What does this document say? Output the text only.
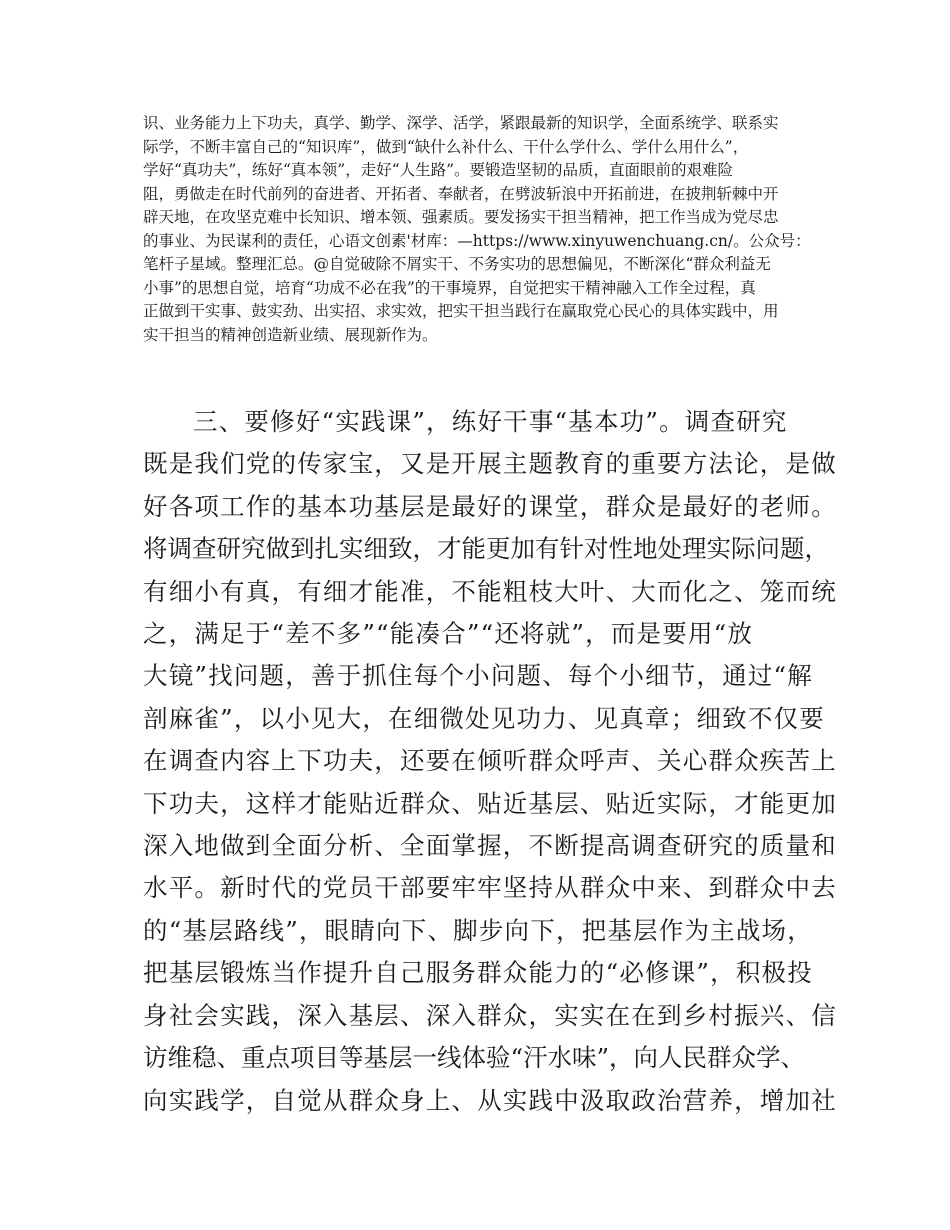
识、业务能力上下功夫，真学、勤学、深学、活学，紧跟最新的知识学，全面系统学、联系实
际学，不断丰富自己的“知识库”，做到“缺什么补什么、干什么学什么、学什么用什么”，
学好“真功夫”，练好“真本领”，走好“人生路”。要锻造坚韧的品质，直面眼前的艰难险
阻，勇做走在时代前列的奋进者、开拓者、奉献者，在劈波斩浪中开拓前进，在披荆斩棘中开
辟天地，在攻坚克难中长知识、增本领、强素质。要发扬实干担当精神，把工作当成为党尽忠
的事业、为民谋利的责任，心语文创素'材库：—https://www.xinyuwenchuang.cn/。公众号：
笔杆子星域。整理汇总。@自觉破除不屑实干、不务实功的思想偏见，不断深化“群众利益无
小事”的思想自觉，培育“功成不必在我”的干事境界，自觉把实干精神融入工作全过程，真
正做到干实事、鼓实劲、出实招、求实效，把实干担当践行在赢取党心民心的具体实践中，用
实干担当的精神创造新业绩、展现新作为。
三、要修好“实践课”，练好干事“基本功”。调查研究
既是我们党的传家宝，又是开展主题教育的重要方法论，是做
好各项工作的基本功基层是最好的课堂，群众是最好的老师。
将调查研究做到扎实细致，才能更加有针对性地处理实际问题，
有细小有真，有细才能准，不能粗枝大叶、大而化之、笼而统
之，满足于“差不多”“能凑合”“还将就”，而是要用“放
大镜”找问题，善于抓住每个小问题、每个小细节，通过“解
剖麻雀”，以小见大，在细微处见功力、见真章；细致不仅要
在调查内容上下功夫，还要在倾听群众呼声、关心群众疾苦上
下功夫，这样才能贴近群众、贴近基层、贴近实际，才能更加
深入地做到全面分析、全面掌握，不断提高调查研究的质量和
水平。新时代的党员干部要牢牢坚持从群众中来、到群众中去
的“基层路线”，眼睛向下、脚步向下，把基层作为主战场，
把基层锻炼当作提升自己服务群众能力的“必修课”，积极投
身社会实践，深入基层、深入群众，实实在在到乡村振兴、信
访维稳、重点项目等基层一线体验“汗水味”，向人民群众学、
向实践学，自觉从群众身上、从实践中汲取政治营养，增加社
